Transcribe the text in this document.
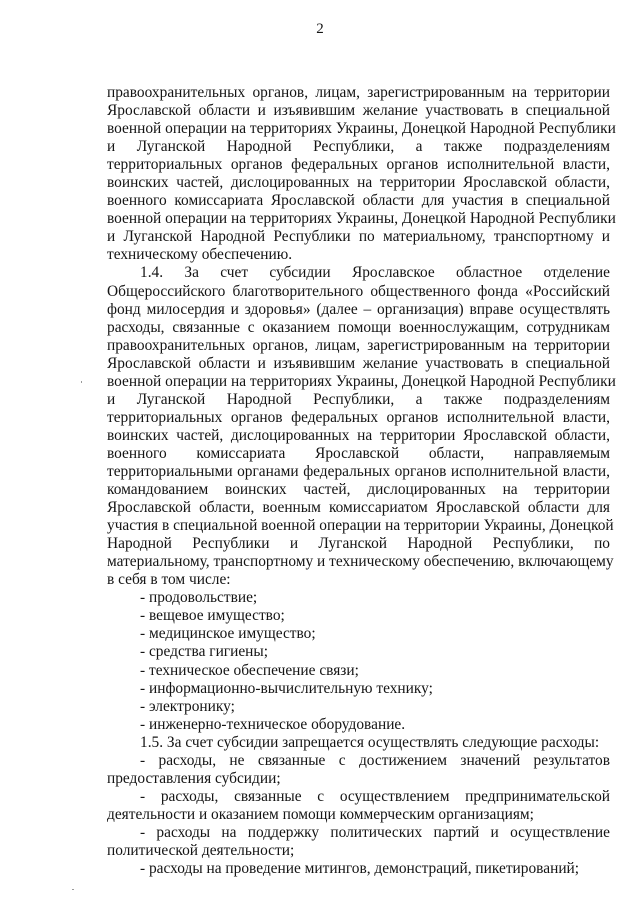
2
правоохранительных органов, лицам, зарегистрированным на территории
Ярославской области и изъявившим желание участвовать в специальной
военной операции на территориях Украины, Донецкой Народной Республики
и Луганской Народной Республики, а также подразделениям
территориальных органов федеральных органов исполнительной власти,
воинских частей, дислоцированных на территории Ярославской области,
военного комиссариата Ярославской области для участия в специальной
военной операции на территориях Украины, Донецкой Народной Республики
и Луганской Народной Республики по материальному, транспортному и
техническому обеспечению.
1.4. За счет субсидии Ярославское областное отделение
Общероссийского благотворительного общественного фонда «Российский
фонд милосердия и здоровья» (далее – организация) вправе осуществлять
расходы, связанные с оказанием помощи военнослужащим, сотрудникам
правоохранительных органов, лицам, зарегистрированным на территории
Ярославской области и изъявившим желание участвовать в специальной
военной операции на территориях Украины, Донецкой Народной Республики
и Луганской Народной Республики, а также подразделениям
территориальных органов федеральных органов исполнительной власти,
воинских частей, дислоцированных на территории Ярославской области,
военного комиссариата Ярославской области, направляемым
территориальными органами федеральных органов исполнительной власти,
командованием воинских частей, дислоцированных на территории
Ярославской области, военным комиссариатом Ярославской области для
участия в специальной военной операции на территории Украины, Донецкой
Народной Республики и Луганской Народной Республики, по
материальному, транспортному и техническому обеспечению, включающему
в себя в том числе:
- продовольствие;
- вещевое имущество;
- медицинское имущество;
- средства гигиены;
- техническое обеспечение связи;
- информационно-вычислительную технику;
- электронику;
- инженерно-техническое оборудование.
1.5. За счет субсидии запрещается осуществлять следующие расходы:
- расходы, не связанные с достижением значений результатов
предоставления субсидии;
- расходы, связанные с осуществлением предпринимательской
деятельности и оказанием помощи коммерческим организациям;
- расходы на поддержку политических партий и осуществление
политической деятельности;
- расходы на проведение митингов, демонстраций, пикетирований;
